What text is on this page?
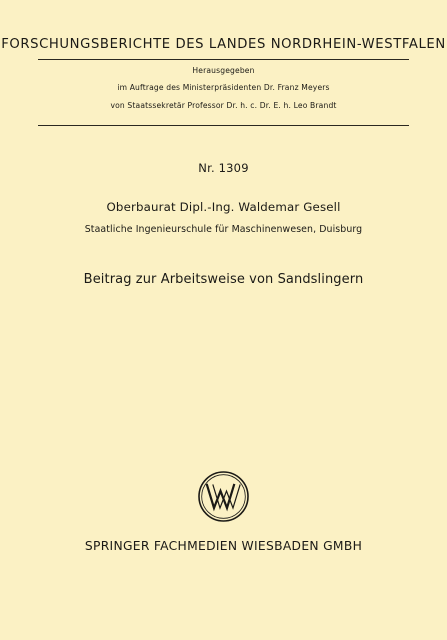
FORSCHUNGSBERICHTE DES LANDES NORDRHEIN-WESTFALEN
Herausgegeben
im Auftrage des Ministerpräsidenten Dr. Franz Meyers
von Staatssekretär Professor Dr. h. c. Dr. E. h. Leo Brandt
Nr. 1309
Oberbaurat Dipl.-Ing. Waldemar Gesell
Staatliche Ingenieurschule für Maschinenwesen, Duisburg
Beitrag zur Arbeitsweise von Sandslingern
SPRINGER FACHMEDIEN WIESBADEN GMBH
